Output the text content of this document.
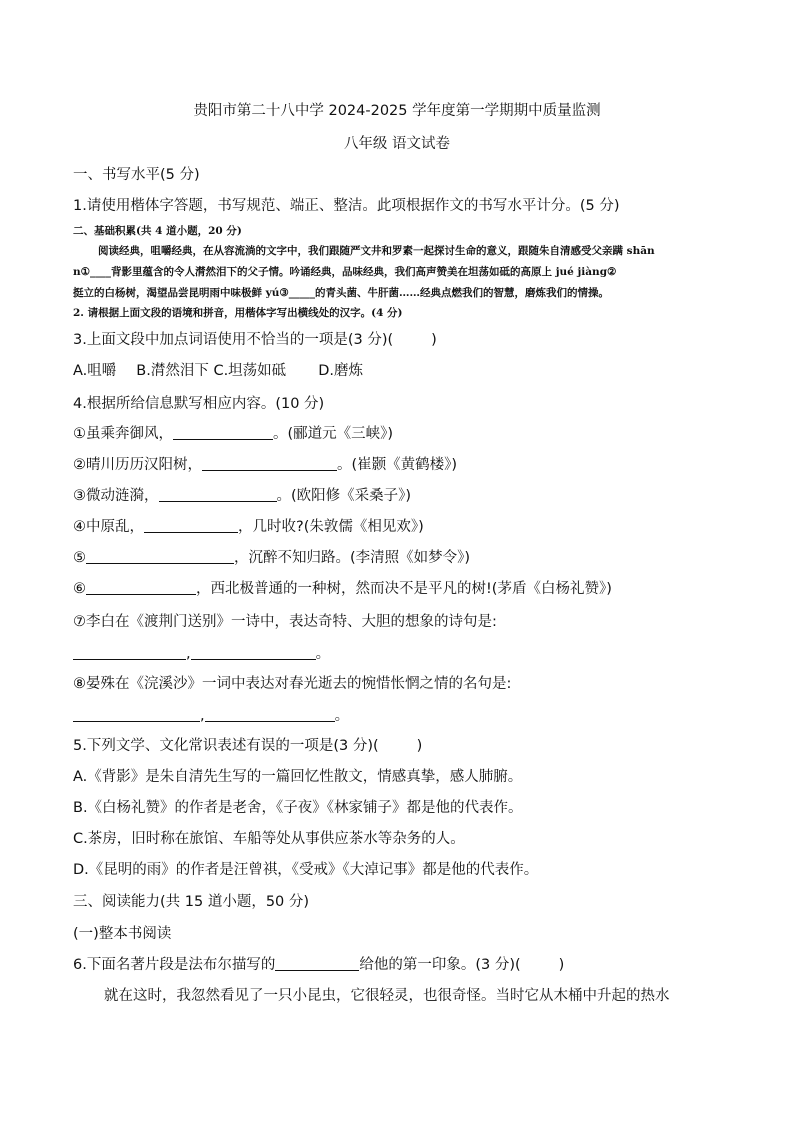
贵阳市第二十八中学 2024-2025 学年度第一学期期中质量监测
八年级 语文试卷
一、书写水平(5 分)
1.请使用楷体字答题，书写规范、端正、整洁。此项根据作文的书写水平计分。(5 分)
二、基础积累(共 4 道小题，20 分)
阅读经典，咀嚼经典，在从容流淌的文字中，我们跟随严文井和罗素一起探讨生命的意义，跟随朱自清感受父亲蹒 shān
n①____背影里蕴含的令人潸然泪下的父子情。吟诵经典，品味经典，我们高声赞美在坦荡如砥的高原上 jué jiàng②
挺立的白杨树，渴望品尝昆明雨中味极鲜 yú③_____的青头菌、牛肝菌……经典点燃我们的智慧，磨炼我们的情操。
2. 请根据上面文段的语境和拼音，用楷体字写出横线处的汉字。(4 分)
3.上面文段中加点词语使用不恰当的一项是(3 分)(	)
A.咀嚼 B.潸然泪下 C.坦荡如砥 D.磨炼
4.根据所给信息默写相应内容。(10 分)
①虽乘奔御风，	。(郦道元《三峡》)
②晴川历历汉阳树，	。(崔颢《黄鹤楼》)
③微动涟漪，	。(欧阳修《采桑子》)
④中原乱，	，几时收?(朱敦儒《相见欢》)
⑤	，沉醉不知归路。(李清照《如梦令》)
⑥	，西北极普通的一种树，然而决不是平凡的树!(茅盾《白杨礼赞》)
⑦李白在《渡荆门送别》一诗中，表达奇特、大胆的想象的诗句是:
,	。
⑧晏殊在《浣溪沙》一词中表达对春光逝去的惋惜怅惘之情的名句是:
,	。
5.下列文学、文化常识表述有误的一项是(3 分)(	)
A.《背影》是朱自清先生写的一篇回忆性散文，情感真挚，感人肺腑。
B.《白杨礼赞》的作者是老舍，《子夜》《林家铺子》都是他的代表作。
C.茶房，旧时称在旅馆、车船等处从事供应茶水等杂务的人。
D.《昆明的雨》的作者是汪曾祺，《受戒》《大淖记事》都是他的代表作。
三、阅读能力(共 15 道小题，50 分)
(一)整本书阅读
6.下面名著片段是法布尔描写的	给他的第一印象。(3 分)(	)
就在这时，我忽然看见了一只小昆虫，它很轻灵，也很奇怪。当时它从木桶中升起的热水
